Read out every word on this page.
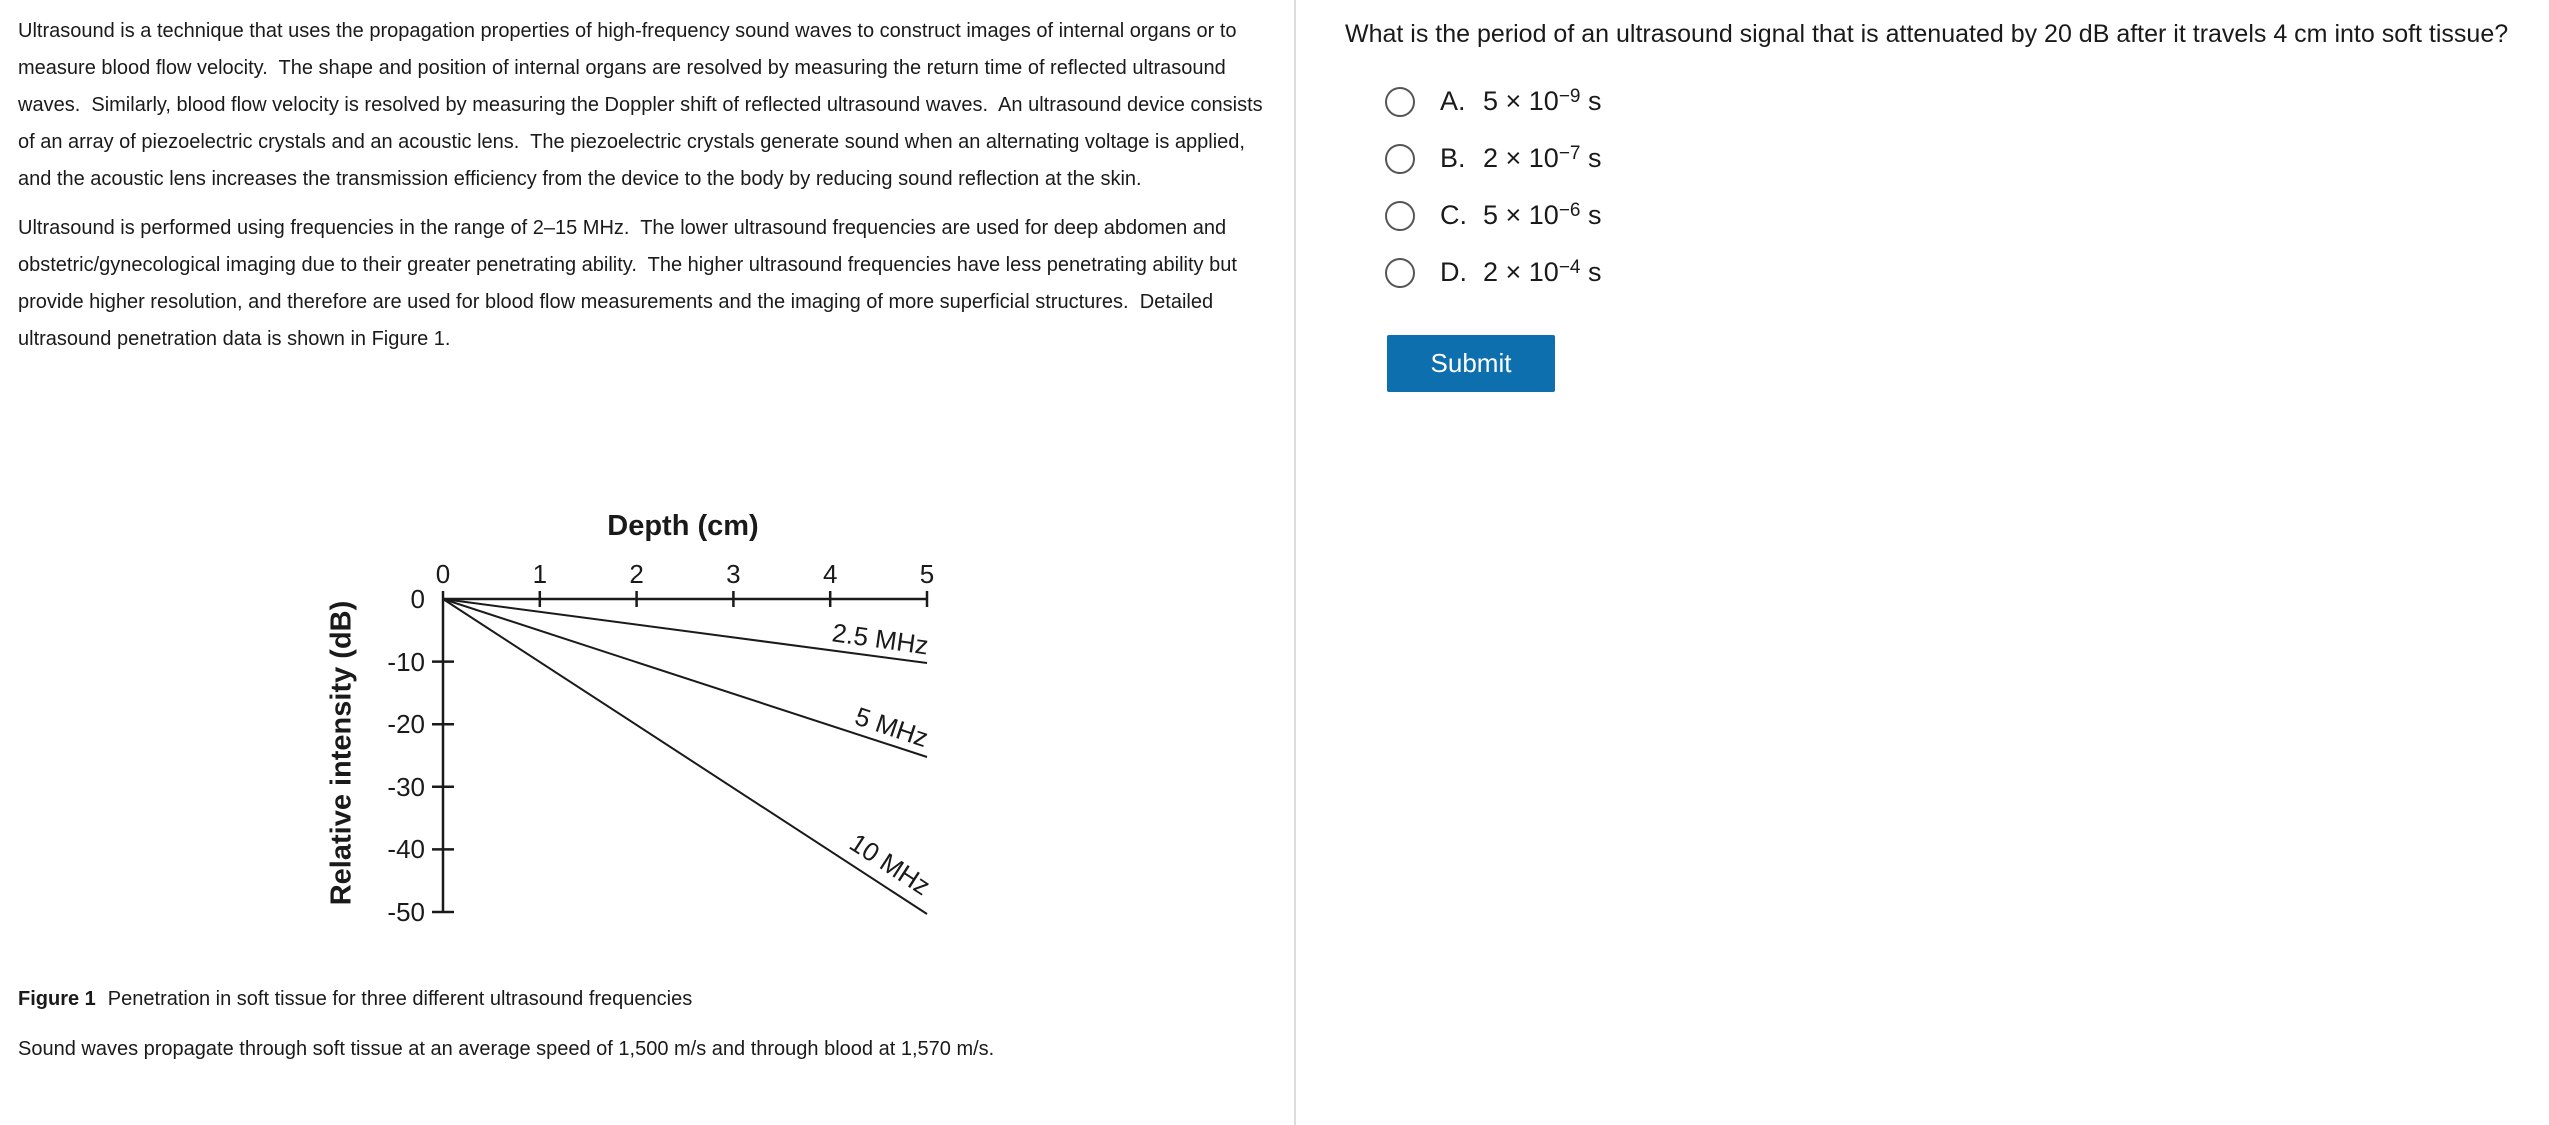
Ultrasound is a technique that uses the propagation properties of high-frequency sound waves to construct images of internal organs or to measure blood flow velocity.  The shape and position of internal organs are resolved by measuring the return time of reflected ultrasound waves.  Similarly, blood flow velocity is resolved by measuring the Doppler shift of reflected ultrasound waves.  An ultrasound device consists of an array of piezoelectric crystals and an acoustic lens.  The piezoelectric crystals generate sound when an alternating voltage is applied, and the acoustic lens increases the transmission efficiency from the device to the body by reducing sound reflection at the skin.

Ultrasound is performed using frequencies in the range of 2–15 MHz.  The lower ultrasound frequencies are used for deep abdomen and obstetric/gynecological imaging due to their greater penetrating ability.  The higher ultrasound frequencies have less penetrating ability but provide higher resolution, and therefore are used for blood flow measurements and the imaging of more superficial structures.  Detailed ultrasound penetration data is shown in Figure 1.

Depth (cm)
0	1	2	3	4	5
0
-10
-20
-30
-40
-50
Relative intensity (dB)	2.5 MHz
5 MHz
10 MHz
Figure 1 Penetration in soft tissue for three different ultrasound frequencies

Sound waves propagate through soft tissue at an average speed of 1,500 m/s and through blood at 1,570 m/s.

What is the period of an ultrasound signal that is attenuated by 20 dB after it travels 4 cm into soft tissue?
A. $5 \times 10^{-9}$ s
B. $2 \times 10^{-7}$ s
C. $5 \times 10^{-6}$ s
D. $2 \times 10^{-4}$ s
Submit
